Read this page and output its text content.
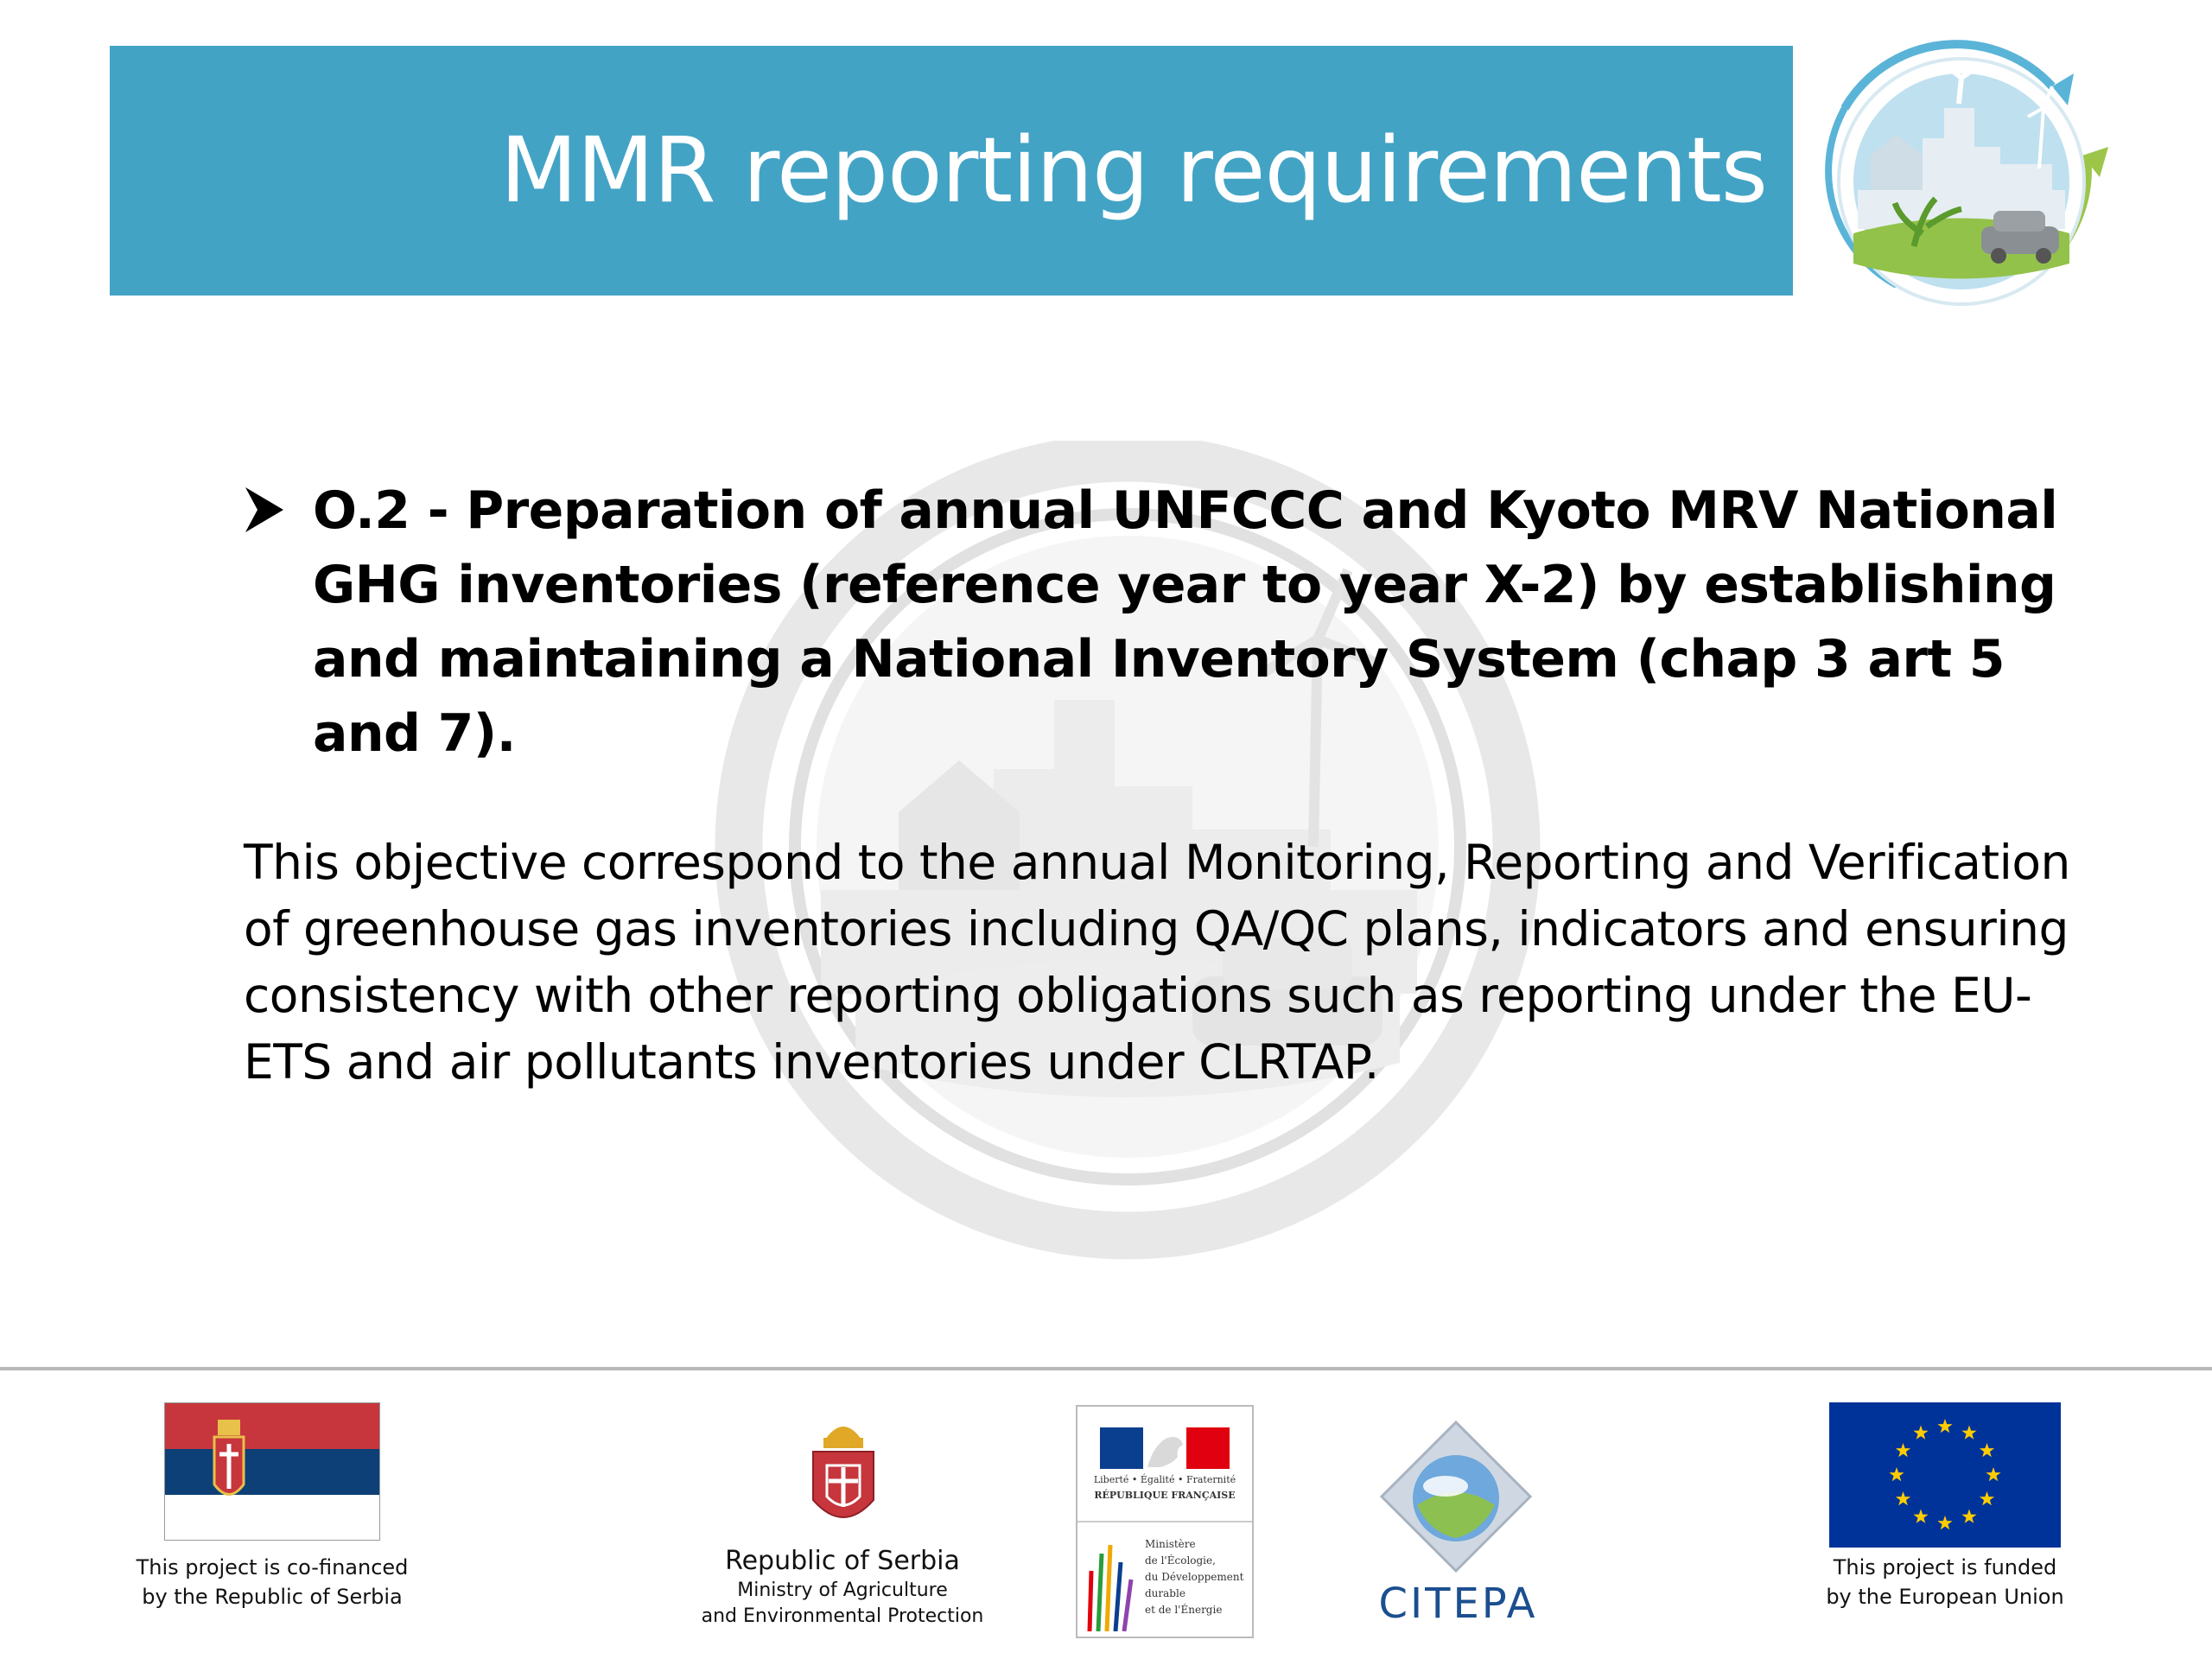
MMR reporting requirements
O.2 - Preparation of annual UNFCCC and Kyoto MRV National GHG inventories (reference year to year X-2) by establishing and maintaining a National Inventory System (chap 3 art 5 and 7).
This objective correspond to the annual Monitoring, Reporting and Verification of greenhouse gas inventories including QA/QC plans, indicators and ensuring consistency with other reporting obligations such as reporting under the EU-ETS and air pollutants inventories under CLRTAP.
This project is co-financed
by the Republic of Serbia
Republic of Serbia
Ministry of Agriculture
and Environmental Protection
Liberté • Égalité • Fraternité
RÉPUBLIQUE FRANÇAISE
Ministère
de l'Écologie,
du Développement
durable
et de l'Énergie	CITEPA
This project is funded
by the European Union
